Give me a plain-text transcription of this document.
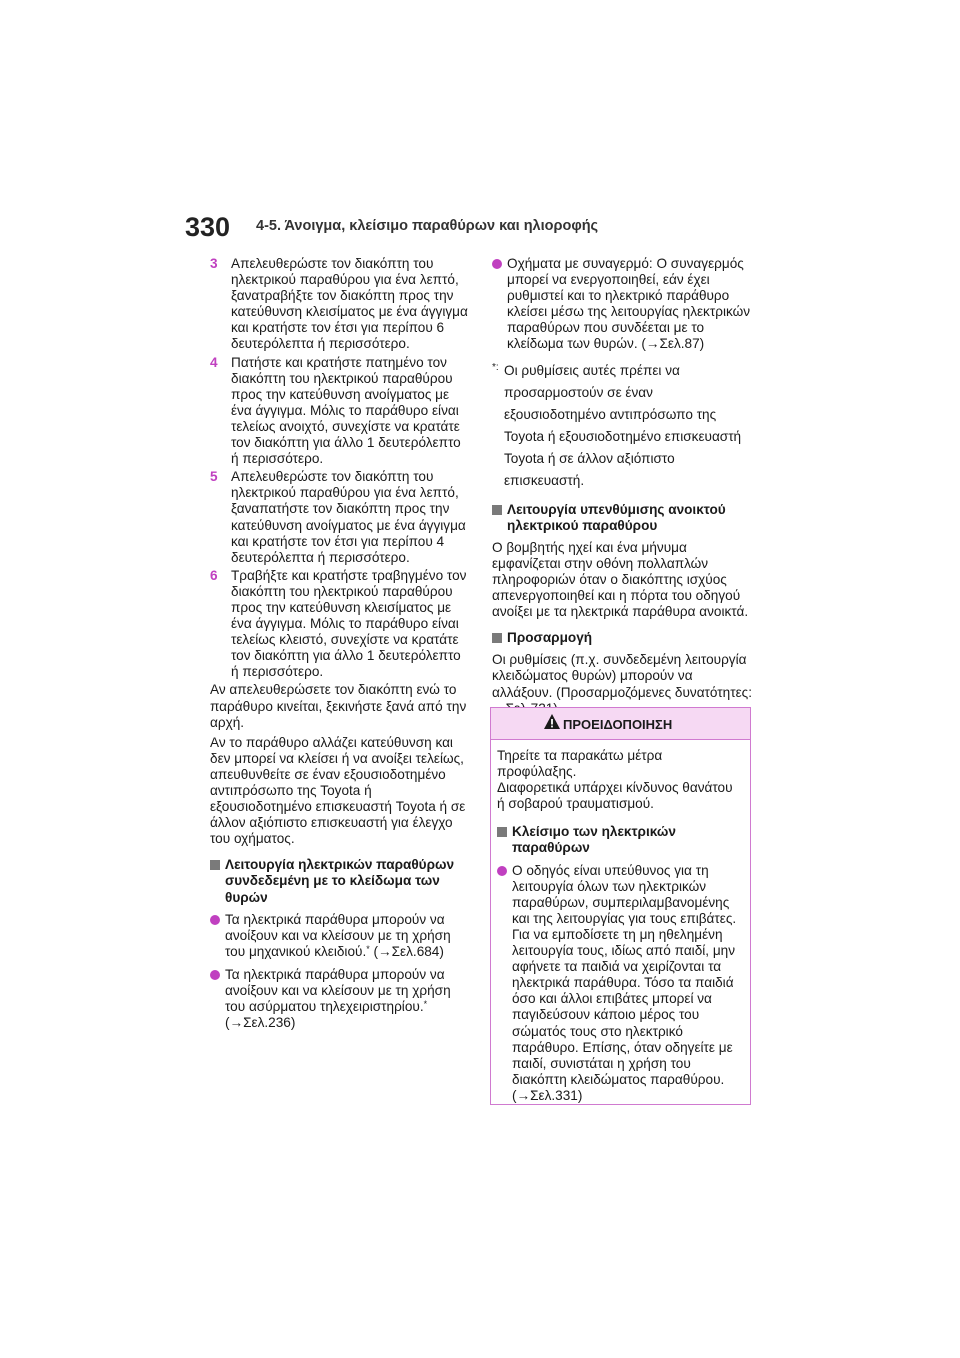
330 4-5. Άνοιγμα, κλείσιμο παραθύρων και ηλιοροφής
3 Απελευθερώστε τον διακόπτη του ηλεκτρικού παραθύρου για ένα λεπτό, ξανατραβήξτε τον διακόπτη προς την κατεύθυνση κλεισίματος με ένα άγγιγμα και κρατήστε τον έτσι για περίπου 6 δευτερόλεπτα ή περισσότερο.
4 Πατήστε και κρατήστε πατημένο τον διακόπτη του ηλεκτρικού παραθύρου προς την κατεύθυνση ανοίγματος με ένα άγγιγμα. Μόλις το παράθυρο είναι τελείως ανοιχτό, συνεχίστε να κρατάτε τον διακόπτη για άλλο 1 δευτερόλεπτο ή περισσότερο.
5 Απελευθερώστε τον διακόπτη του ηλεκτρικού παραθύρου για ένα λεπτό, ξαναπατήστε τον διακόπτη προς την κατεύθυνση ανοίγματος με ένα άγγιγμα και κρατήστε τον έτσι για περίπου 4 δευτερόλεπτα ή περισσότερο.
6 Τραβήξτε και κρατήστε τραβηγμένο τον διακόπτη του ηλεκτρικού παραθύρου προς την κατεύθυνση κλεισίματος με ένα άγγιγμα. Μόλις το παράθυρο είναι τελείως κλειστό, συνεχίστε να κρατάτε τον διακόπτη για άλλο 1 δευτερόλεπτο ή περισσότερο.
Αν απελευθερώσετε τον διακόπτη ενώ το παράθυρο κινείται, ξεκινήστε ξανά από την αρχή.
Αν το παράθυρο αλλάζει κατεύθυνση και δεν μπορεί να κλείσει ή να ανοίξει τελείως, απευθυνθείτε σε έναν εξουσιοδοτημένο αντιπρόσωπο της Toyota ή εξουσιοδοτημένο επισκευαστή Toyota ή σε άλλον αξιόπιστο επισκευαστή για έλεγχο του οχήματος.
Λειτουργία ηλεκτρικών παραθύρων συνδεδεμένη με το κλείδωμα των θυρών
Τα ηλεκτρικά παράθυρα μπορούν να ανοίξουν και να κλείσουν με τη χρήση του μηχανικού κλειδιού.* (→Σελ.684)
Τα ηλεκτρικά παράθυρα μπορούν να ανοίξουν και να κλείσουν με τη χρήση του ασύρματου τηλεχειριστηρίου.*
(→Σελ.236)
Οχήματα με συναγερμό: Ο συναγερμός μπορεί να ενεργοποιηθεί, εάν έχει ρυθμιστεί και το ηλεκτρικό παράθυρο κλείσει μέσω της λειτουργίας ηλεκτρικών παραθύρων που συνδέεται με το κλείδωμα των θυρών. (→Σελ.87)
*: Οι ρυθμίσεις αυτές πρέπει να προσαρμοστούν σε έναν εξουσιοδοτημένο αντιπρόσωπο της Toyota ή εξουσιοδοτημένο επισκευαστή Toyota ή σε άλλον αξιόπιστο επισκευαστή.
Λειτουργία υπενθύμισης ανοικτού ηλεκτρικού παραθύρου
Ο βομβητής ηχεί και ένα μήνυμα εμφανίζεται στην οθόνη πολλαπλών πληροφοριών όταν ο διακόπτης ισχύος απενεργοποιηθεί και η πόρτα του οδηγού ανοίξει με τα ηλεκτρικά παράθυρα ανοικτά.
Προσαρμογή
Οι ρυθμίσεις (π.χ. συνδεδεμένη λειτουργία κλειδώματος θυρών) μπορούν να αλλάξουν. (Προσαρμοζόμενες δυνατότητες:
ΠΡΟΕΙΔΟΠΟΙΗΣΗ
Τηρείτε τα παρακάτω μέτρα προφύλαξης.
Διαφορετικά υπάρχει κίνδυνος θανάτου ή σοβαρού τραυματισμού.
Κλείσιμο των ηλεκτρικών παραθύρων
Ο οδηγός είναι υπεύθυνος για τη λειτουργία όλων των ηλεκτρικών παραθύρων, συμπεριλαμβανομένης και της λειτουργίας για τους επιβάτες. Για να εμποδίσετε τη μη ηθελημένη λειτουργία τους, ιδίως από παιδί, μην αφήνετε τα παιδιά να χειρίζονται τα ηλεκτρικά παράθυρα. Τόσο τα παιδιά όσο και άλλοι επιβάτες μπορεί να παγιδεύσουν κάποιο μέρος του σώματός τους στο ηλεκτρικό παράθυρο. Επίσης, όταν οδηγείτε με παιδί, συνιστάται η χρήση του διακόπτη κλειδώματος παραθύρου. (→Σελ.331)
